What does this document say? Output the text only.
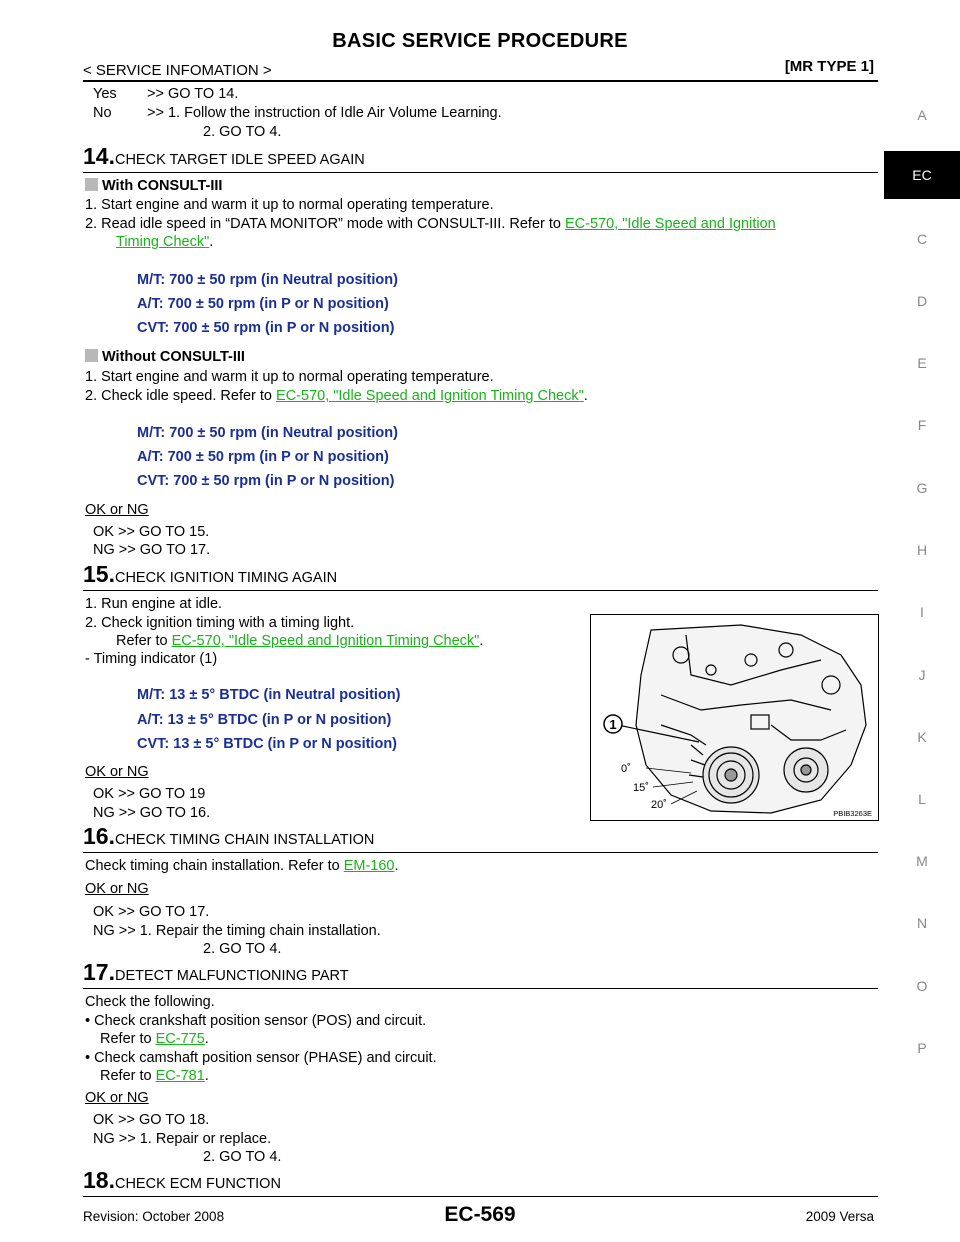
BASIC SERVICE PROCEDURE
< SERVICE INFOMATION >	[MR TYPE 1]
Yes >> GO TO 14.
No >> 1. Follow the instruction of Idle Air Volume Learning.
2. GO TO 4.
14.CHECK TARGET IDLE SPEED AGAIN
With CONSULT-III
1. Start engine and warm it up to normal operating temperature.
2. Read idle speed in “DATA MONITOR” mode with CONSULT-III. Refer to EC-570, "Idle Speed and Ignition
Timing Check".
M/T: 700 ± 50 rpm (in Neutral position)
A/T: 700 ± 50 rpm (in P or N position)
CVT: 700 ± 50 rpm (in P or N position)
Without CONSULT-III
1. Start engine and warm it up to normal operating temperature.
2. Check idle speed. Refer to EC-570, "Idle Speed and Ignition Timing Check".
M/T: 700 ± 50 rpm (in Neutral position)
A/T: 700 ± 50 rpm (in P or N position)
CVT: 700 ± 50 rpm (in P or N position)
OK or NG
OK >> GO TO 15.
NG >> GO TO 17.
15.CHECK IGNITION TIMING AGAIN
1. Run engine at idle.
2. Check ignition timing with a timing light.
Refer to EC-570, "Idle Speed and Ignition Timing Check".
- Timing indicator (1)
M/T: 13 ± 5° BTDC (in Neutral position)
A/T: 13 ± 5° BTDC (in P or N position)
CVT: 13 ± 5° BTDC (in P or N position)
OK or NG
OK >> GO TO 19
NG >> GO TO 16.
1
0˚
15˚
20˚
PBIB3263E
16.CHECK TIMING CHAIN INSTALLATION
Check timing chain installation. Refer to EM-160.
OK or NG
OK >> GO TO 17.
NG >> 1. Repair the timing chain installation.
2. GO TO 4.
17.DETECT MALFUNCTIONING PART
Check the following.
• Check crankshaft position sensor (POS) and circuit.
Refer to EC-775.
• Check camshaft position sensor (PHASE) and circuit.
Refer to EC-781.
OK or NG
OK >> GO TO 18.
NG >> 1. Repair or replace.
2. GO TO 4.
18.CHECK ECM FUNCTION
A
EC
C
D
E
F
G
H
I
J
K
L
M
N
O
P
Revision: October 2008	EC-569	2009 Versa
